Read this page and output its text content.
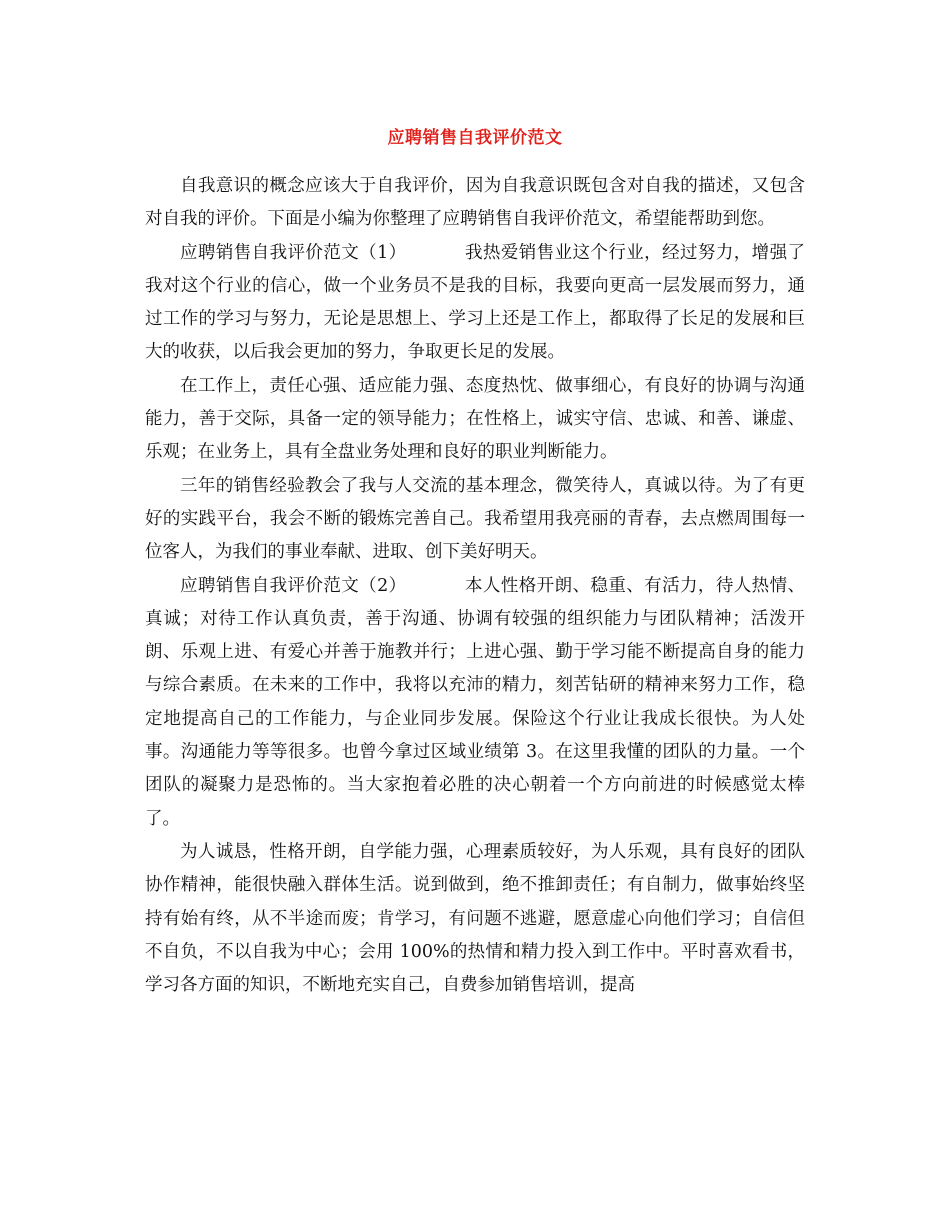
应聘销售自我评价范文

自我意识的概念应该大于自我评价，因为自我意识既包含对自我的描述，又包含对自我的评价。下面是小编为你整理了应聘销售自我评价范文，希望能帮助到您。

应聘销售自我评价范文（1）	我热爱销售业这个行业，经过努力，增强了我对这个行业的信心，做一个业务员不是我的目标，我要向更高一层发展而努力，通过工作的学习与努力，无论是思想上、学习上还是工作上，都取得了长足的发展和巨大的收获，以后我会更加的努力，争取更长足的发展。

在工作上，责任心强、适应能力强、态度热忱、做事细心，有良好的协调与沟通能力，善于交际，具备一定的领导能力；在性格上，诚实守信、忠诚、和善、谦虚、乐观；在业务上，具有全盘业务处理和良好的职业判断能力。

三年的销售经验教会了我与人交流的基本理念，微笑待人，真诚以待。为了有更好的实践平台，我会不断的锻炼完善自己。我希望用我亮丽的青春，去点燃周围每一位客人，为我们的事业奉献、进取、创下美好明天。

应聘销售自我评价范文（2）	本人性格开朗、稳重、有活力，待人热情、真诚；对待工作认真负责，善于沟通、协调有较强的组织能力与团队精神；活泼开朗、乐观上进、有爱心并善于施教并行；上进心强、勤于学习能不断提高自身的能力与综合素质。在未来的工作中，我将以充沛的精力，刻苦钻研的精神来努力工作，稳定地提高自己的工作能力，与企业同步发展。保险这个行业让我成长很快。为人处事。沟通能力等等很多。也曾今拿过区域业绩第 3。在这里我懂的团队的力量。一个团队的凝聚力是恐怖的。当大家抱着必胜的决心朝着一个方向前进的时候感觉太棒了。

为人诚恳，性格开朗，自学能力强，心理素质较好，为人乐观，具有良好的团队协作精神，能很快融入群体生活。说到做到，绝不推卸责任；有自制力，做事始终坚持有始有终，从不半途而废；肯学习，有问题不逃避，愿意虚心向他们学习；自信但不自负，不以自我为中心；会用 100%的热情和精力投入到工作中。平时喜欢看书，学习各方面的知识，不断地充实自己，自费参加销售培训，提高
